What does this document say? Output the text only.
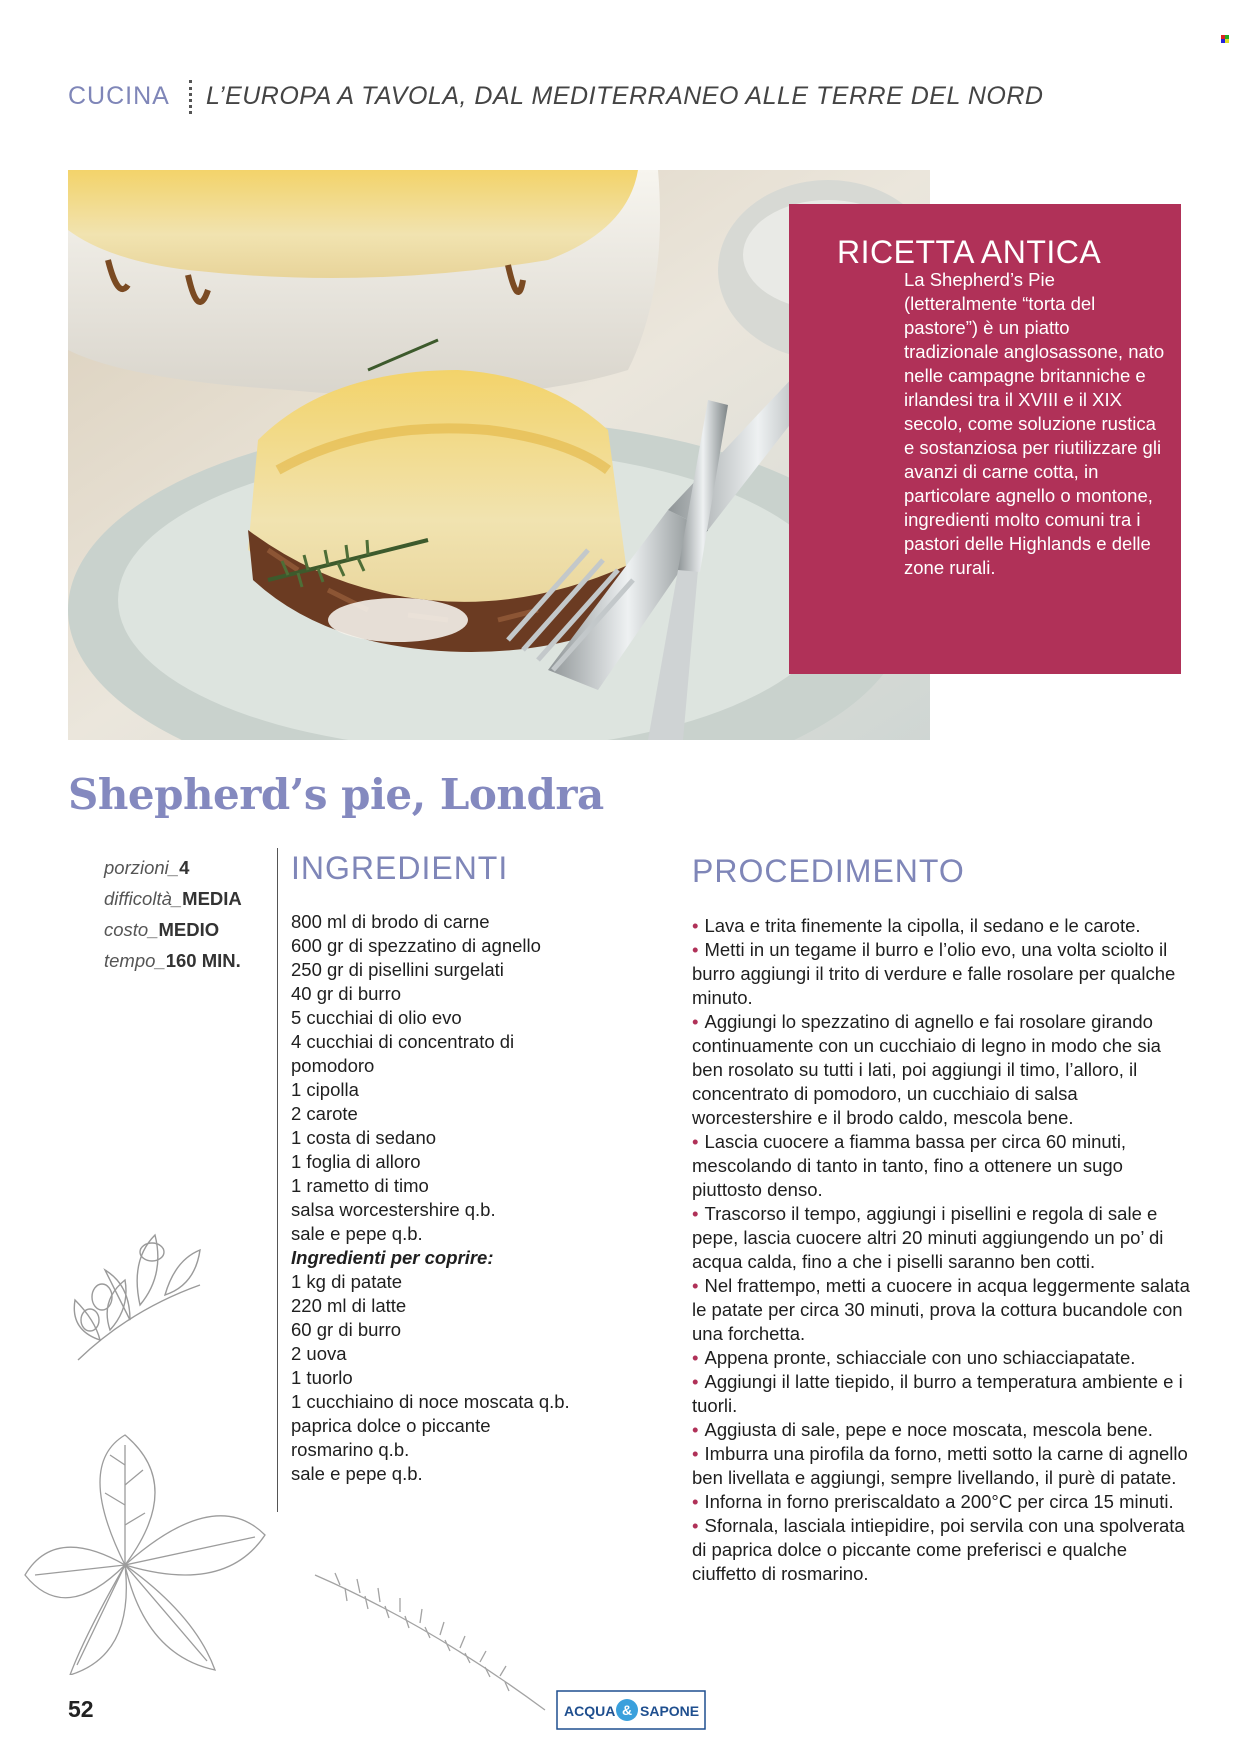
CUCINA L’EUROPA A TAVOLA, DAL MEDITERRANEO ALLE TERRE DEL NORD
RICETTA ANTICA
La Shepherd’s Pie (letteralmente “torta del pastore”) è un piatto tradizionale anglosassone, nato nelle campagne britanniche e irlandesi tra il XVIII e il XIX secolo, come soluzione rustica e sostanziosa per riutilizzare gli avanzi di carne cotta, in particolare agnello o montone, ingredienti molto comuni tra i pastori delle Highlands e delle zone rurali.
Shepherd’s pie, Londra
porzioni_4
difficoltà_MEDIA
costo_MEDIO
tempo_160 MIN.
INGREDIENTI
800 ml di brodo di carne
600 gr di spezzatino di agnello
250 gr di pisellini surgelati
40 gr di burro
5 cucchiai di olio evo
4 cucchiai di concentrato di pomodoro
1 cipolla
2 carote
1 costa di sedano
1 foglia di alloro
1 rametto di timo
salsa worcestershire q.b.
sale e pepe q.b.
Ingredienti per coprire:
1 kg di patate
220 ml di latte
60 gr di burro
2 uova
1 tuorlo
1 cucchiaino di noce moscata q.b.
paprica dolce o piccante
rosmarino q.b.
sale e pepe q.b.
PROCEDIMENTO
• Lava e trita finemente la cipolla, il sedano e le carote.
• Metti in un tegame il burro e l’olio evo, una volta sciolto il burro aggiungi il trito di verdure e falle rosolare per qualche minuto.
• Aggiungi lo spezzatino di agnello e fai rosolare girando continuamente con un cucchiaio di legno in modo che sia ben rosolato su tutti i lati, poi aggiungi il timo, l’alloro, il concentrato di pomodoro, un cucchiaio di salsa worcestershire e il brodo caldo, mescola bene.
• Lascia cuocere a fiamma bassa per circa 60 minuti, mescolando di tanto in tanto, fino a ottenere un sugo piuttosto denso.
• Trascorso il tempo, aggiungi i pisellini e regola di sale e pepe, lascia cuocere altri 20 minuti aggiungendo un po’ di acqua calda, fino a che i piselli saranno ben cotti.
• Nel frattempo, metti a cuocere in acqua leggermente salata le patate per circa 30 minuti, prova la cottura bucandole con una forchetta.
• Appena pronte, schiacciale con uno schiacciapatate.
• Aggiungi il latte tiepido, il burro a temperatura ambiente e i tuorli.
• Aggiusta di sale, pepe e noce moscata, mescola bene.
• Imburra una pirofila da forno, metti sotto la carne di agnello ben livellata e aggiungi, sempre livellando, il purè di patate.
• Inforna in forno preriscaldato a 200°C per circa 15 minuti.
• Sfornala, lasciala intiepidire, poi servila con una spolverata di paprica dolce o piccante come preferisci e qualche ciuffetto di rosmarino.
52	ACQUA & SAPONE
